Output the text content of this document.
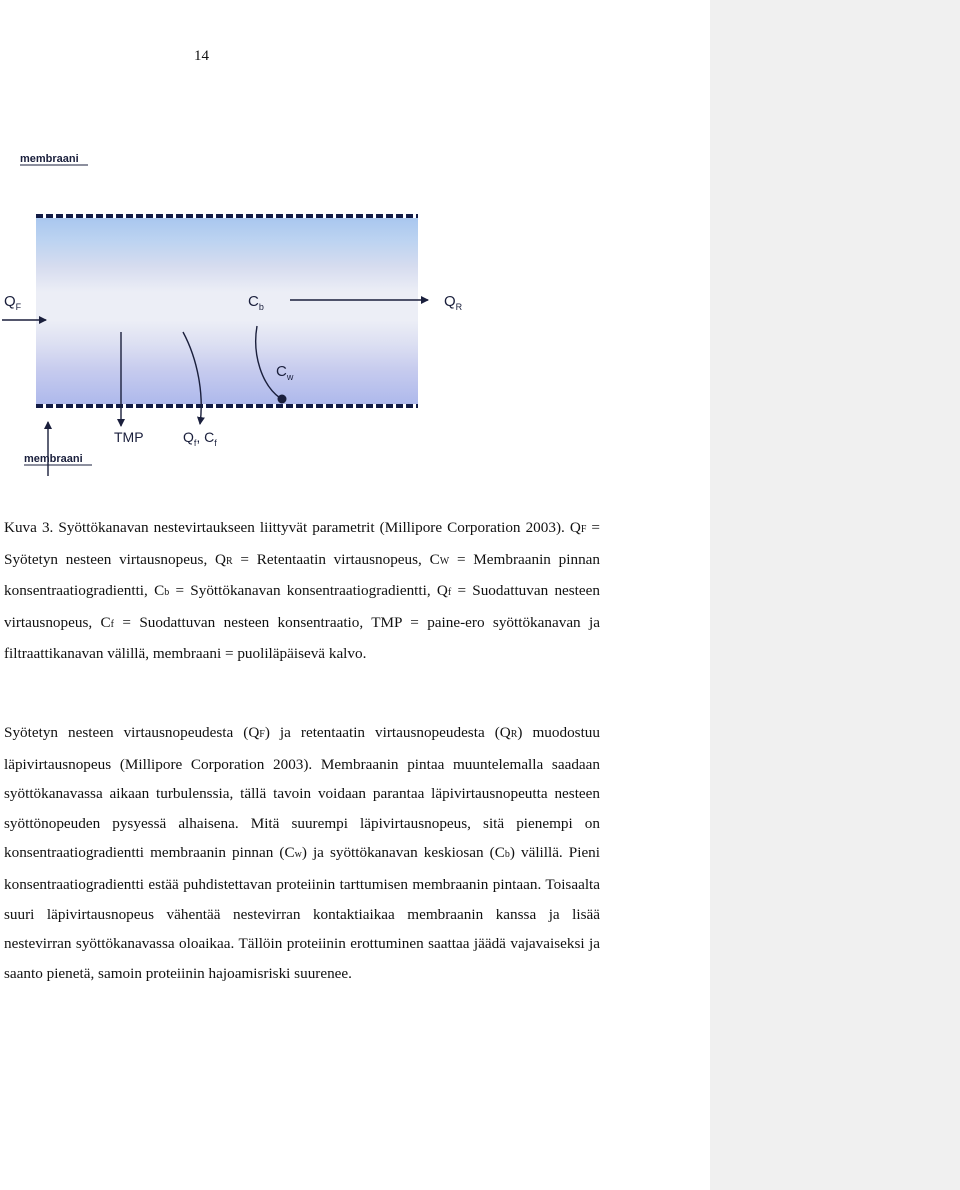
14
membraani
$Q_F$	$Q_R$
$C_b$
$C_w$
TMP	$Q_f$, $C_f$
membraani
Kuva 3. Syöttökanavan nestevirtaukseen liittyvät parametrit (Millipore Corporation 2003). QF = Syötetyn nesteen virtausnopeus, QR = Retentaatin virtausnopeus, CW = Membraanin pinnan konsentraatiogradientti, Cb = Syöttökanavan konsentraatiogradientti, Qf = Suodattuvan nesteen virtausnopeus, Cf = Suodattuvan nesteen konsentraatio, TMP = paine-ero syöttökanavan ja filtraattikanavan välillä, membraani = puoliläpäisevä kalvo.
Syötetyn nesteen virtausnopeudesta (QF) ja retentaatin virtausnopeudesta (QR) muodostuu läpivirtausnopeus (Millipore Corporation 2003). Membraanin pintaa muuntelemalla saadaan syöttökanavassa aikaan turbulenssia, tällä tavoin voidaan parantaa läpivirtausnopeutta nesteen syöttönopeuden pysyessä alhaisena. Mitä suurempi läpivirtausnopeus, sitä pienempi on konsentraatiogradientti membraanin pinnan (Cw) ja syöttökanavan keskiosan (Cb) välillä. Pieni konsentraatiogradientti estää puhdistettavan proteiinin tarttumisen membraanin pintaan. Toisaalta suuri läpivirtausnopeus vähentää nestevirran kontaktiaikaa membraanin kanssa ja lisää nestevirran syöttökanavassa oloaikaa. Tällöin proteiinin erottuminen saattaa jäädä vajavaiseksi ja saanto pienetä, samoin proteiinin hajoamisriski suurenee.
